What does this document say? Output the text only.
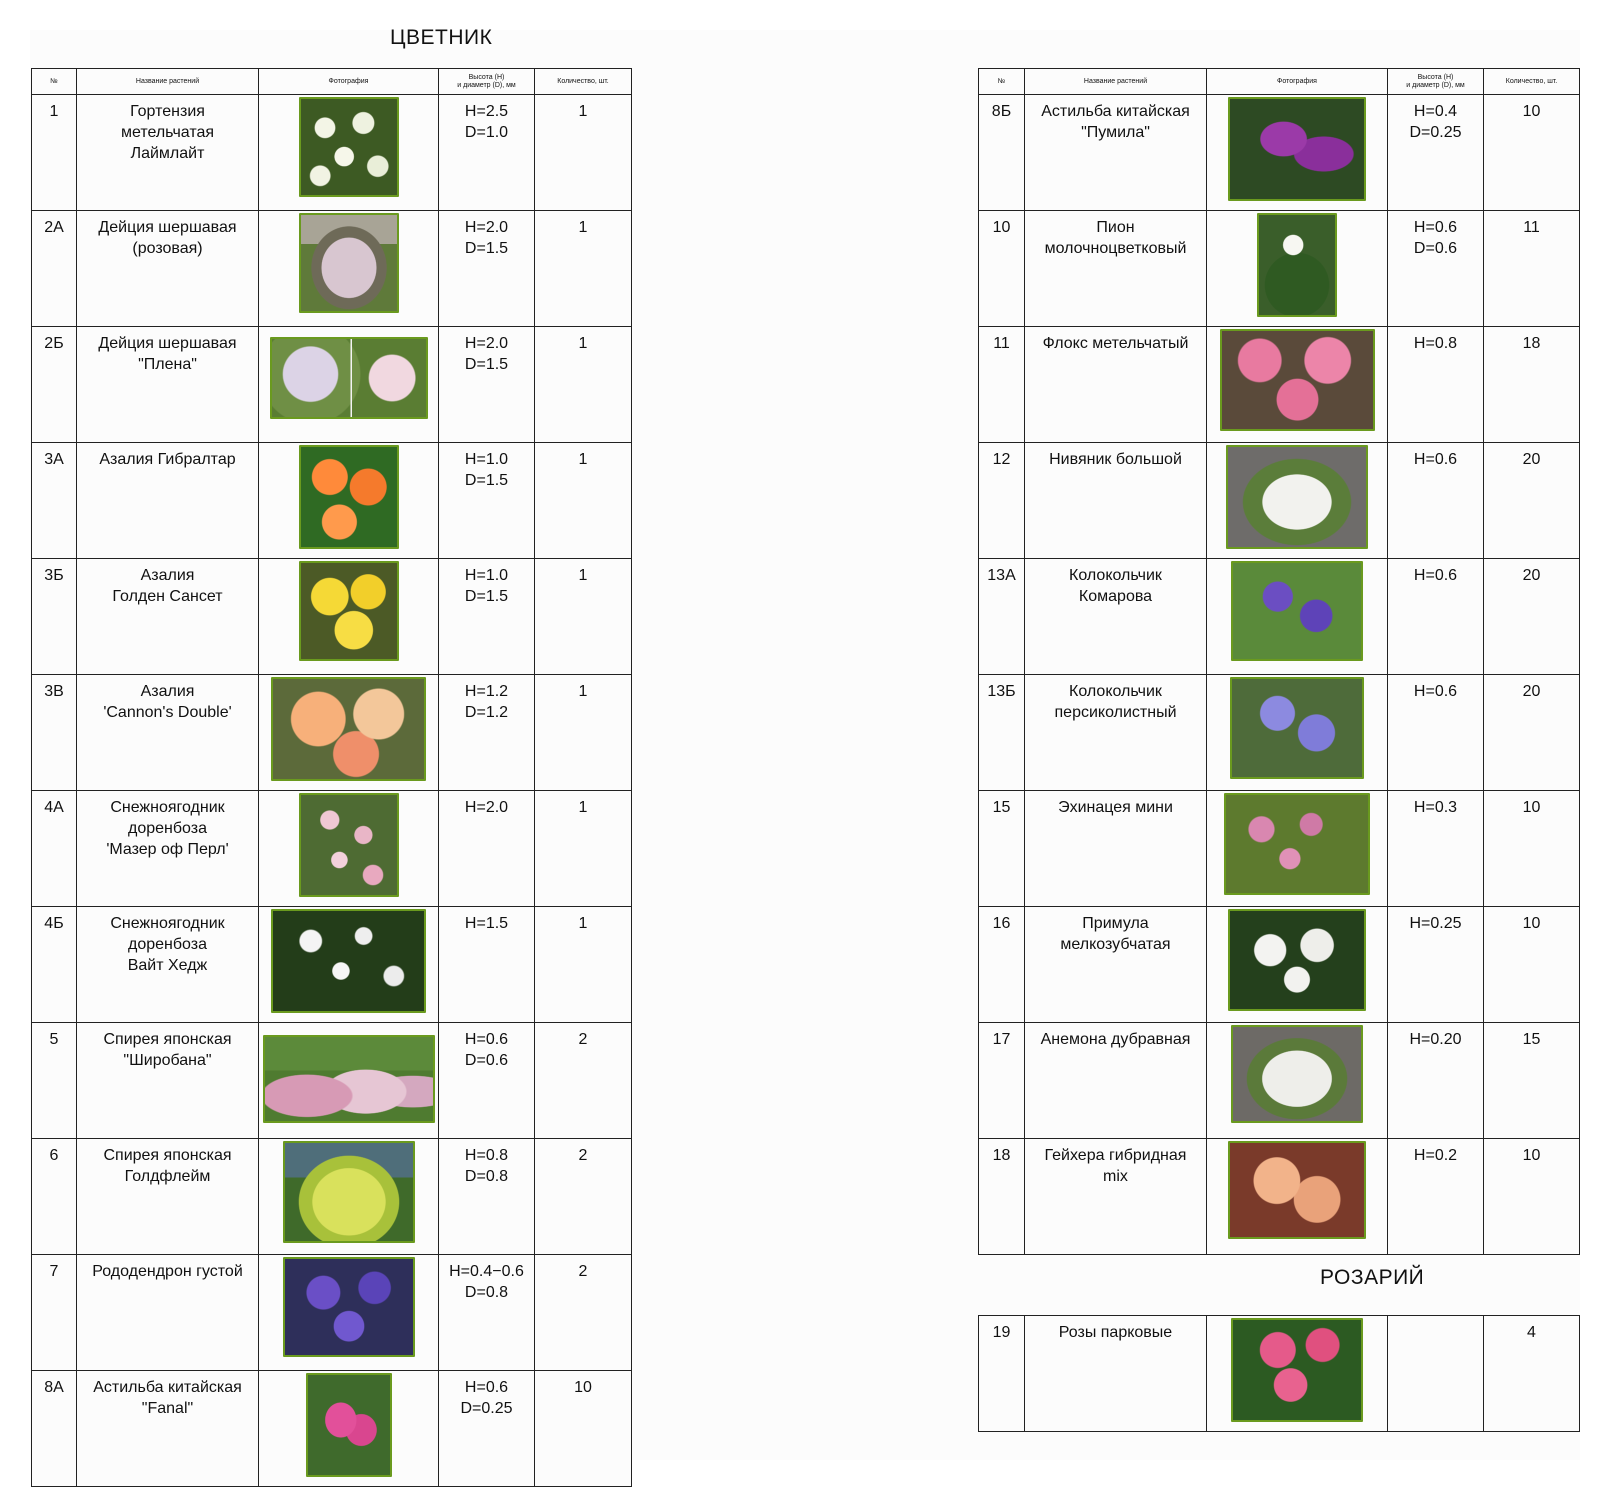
ЦВЕТНИК
№	Название растений	Фотография	Высота (Н)
и диаметр (D), мм	Количество, шт.
1	Гортензия
метельчатая
Лаймлайт		H=2.5
D=1.0	1
2А	Дейция шершавая
(розовая)		H=2.0
D=1.5	1
2Б	Дейция шершавая
"Плена"		H=2.0
D=1.5	1
3А	Азалия Гибралтар		H=1.0
D=1.5	1
3Б	Азалия
Голден Сансет		H=1.0
D=1.5	1
3В	Азалия
'Cannon's Double'		H=1.2
D=1.2	1
4А	Снежноягодник
доренбоза
'Мазер оф Перл'		H=2.0	1
4Б	Снежноягодник
доренбоза
Вайт Хедж		H=1.5	1
5	Спирея японская
"Широбана"		H=0.6
D=0.6	2
6	Спирея японская
Голдфлейм		H=0.8
D=0.8	2
7	Рододендрон густой		H=0.4−0.6
D=0.8	2
8А	Астильба китайская
"Fanal"		H=0.6
D=0.25	10
№	Название растений	Фотография	Высота (Н)
и диаметр (D), мм	Количество, шт.
8Б	Астильба китайская
"Пумила"		H=0.4
D=0.25	10
10	Пион
молочноцветковый		H=0.6
D=0.6	11
11	Флокс метельчатый		H=0.8	18
12	Нивяник большой		H=0.6	20
13А	Колокольчик
Комарова		H=0.6	20
13Б	Колокольчик
персиколистный		H=0.6	20
15	Эхинацея мини		H=0.3	10
16	Примула
мелкозубчатая		H=0.25	10
17	Анемона дубравная		H=0.20	15
18	Гейхера гибридная
mix		H=0.2	10
РОЗАРИЙ
19	Розы парковые			4
